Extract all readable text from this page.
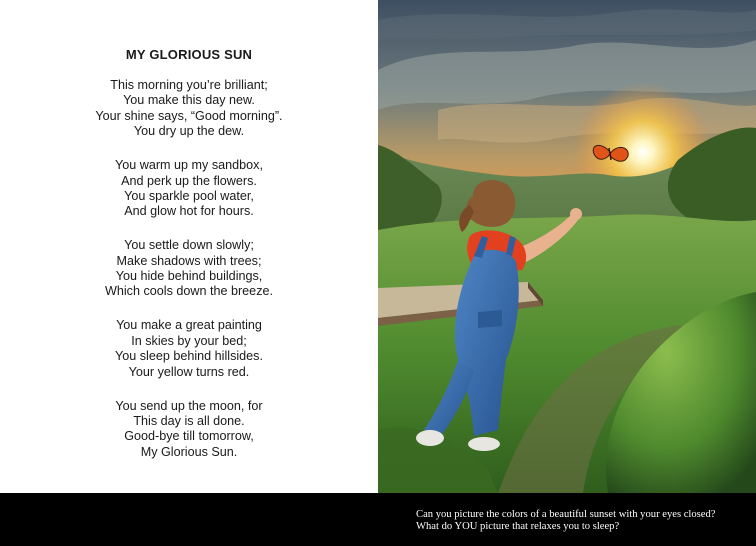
MY GLORIOUS SUN
This morning you’re brilliant;
You make this day new.
Your shine says, “Good morning”.
You dry up the dew.
You warm up my sandbox,
And perk up the flowers.
You sparkle pool water,
And glow hot for hours.
You settle down slowly;
Make shadows with trees;
You hide behind buildings,
Which cools down the breeze.
You make a great painting
In skies by your bed;
You sleep behind hillsides.
Your yellow turns red.
You send up the moon, for
This day is all done.
Good-bye till tomorrow,
My Glorious Sun.

Can you picture the colors of a beautiful sunset with your eyes closed?
What do YOU picture that relaxes you to sleep?
